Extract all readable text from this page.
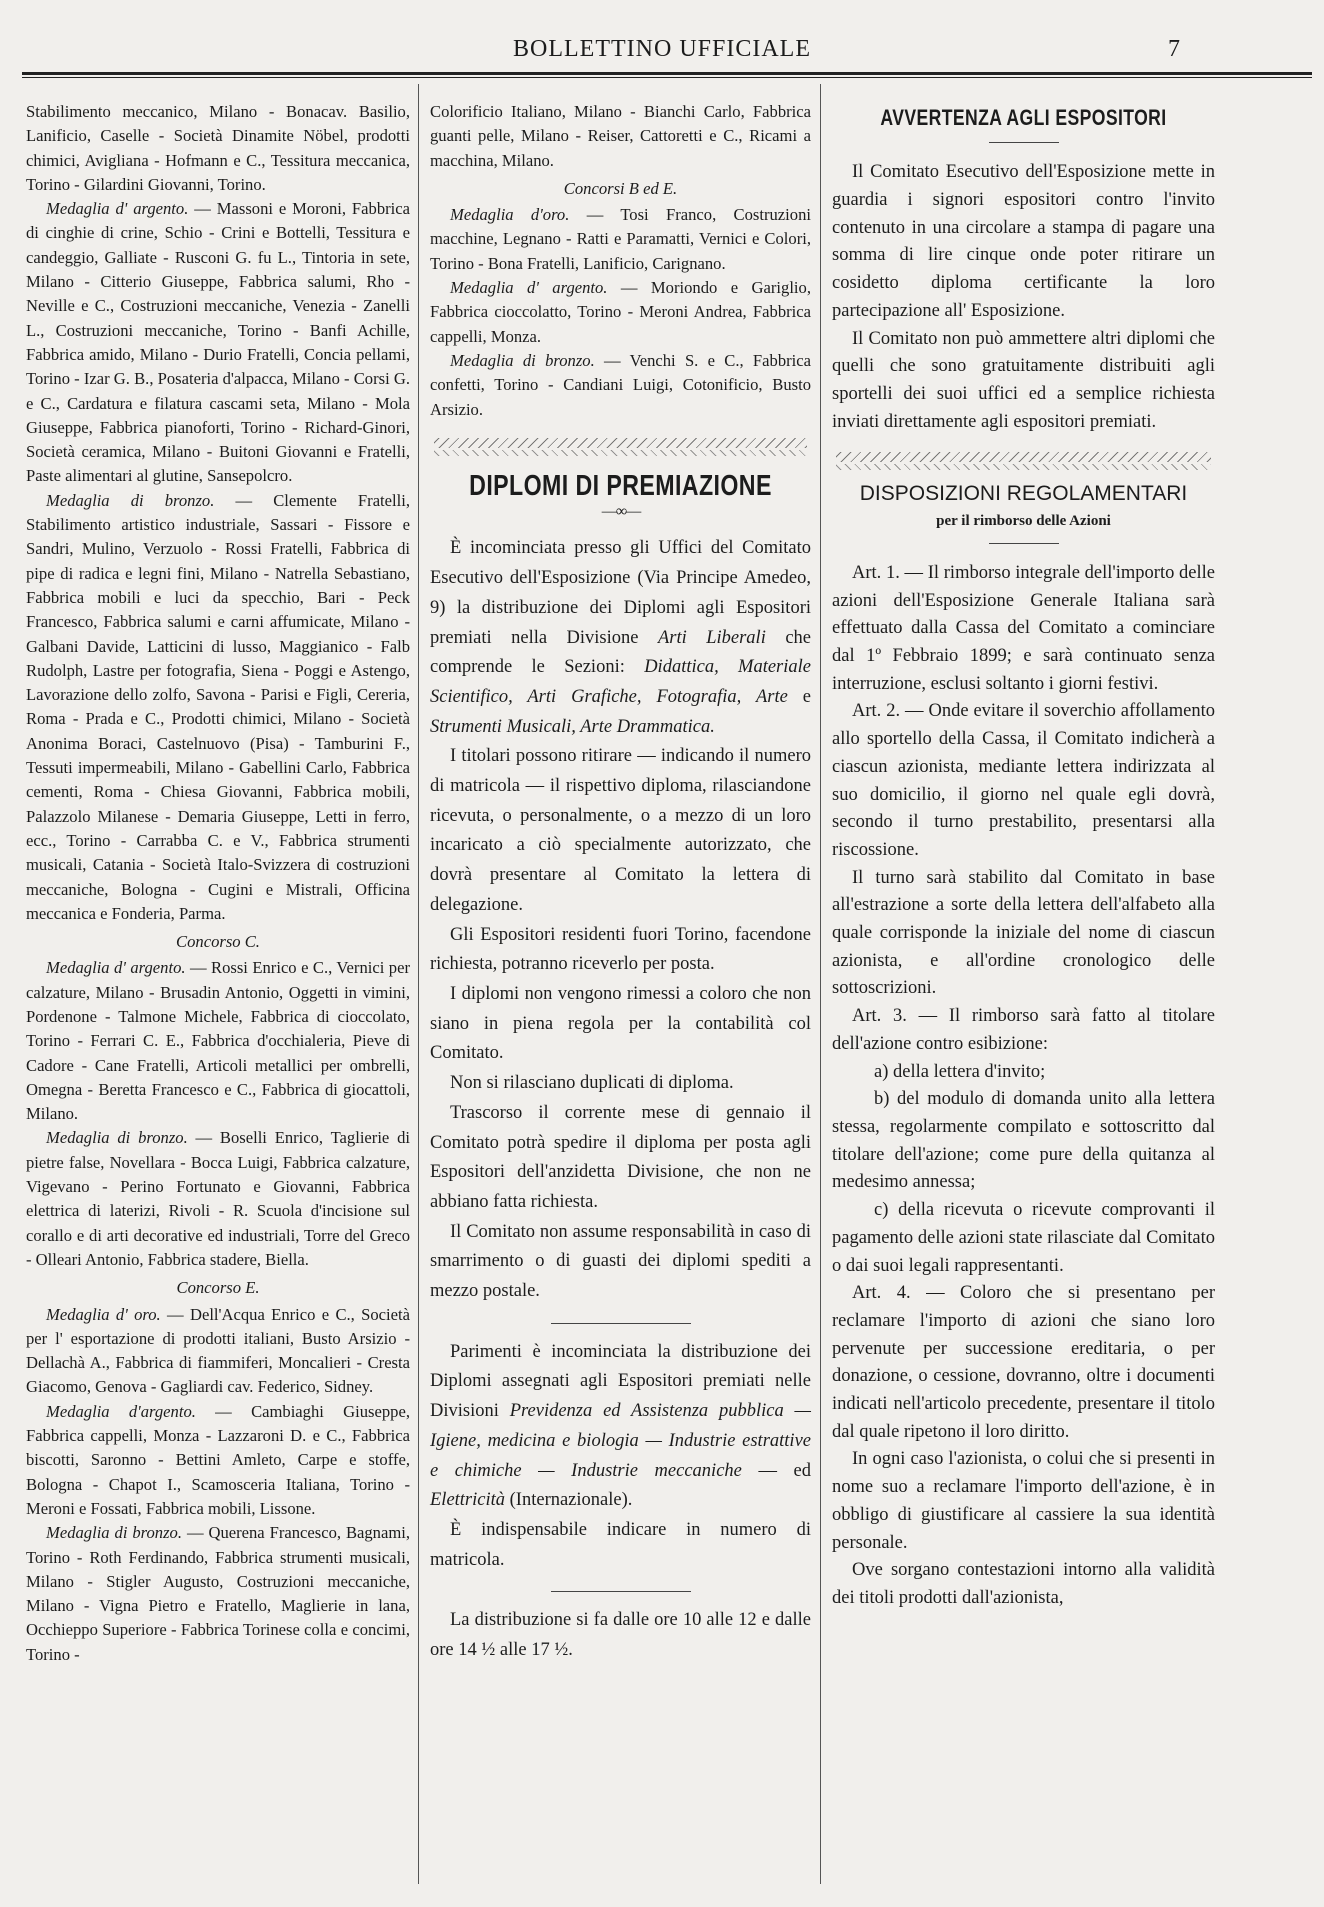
BOLLETTINO UFFICIALE	7

Stabilimento meccanico, Milano - Bonacav. Basilio, Lanificio, Caselle - Società Dinamite Nöbel, prodotti chimici, Avigliana - Hofmann e C., Tessitura meccanica, Torino - Gilardini Giovanni, Torino.

Medaglia d' argento. — Massoni e Moroni, Fabbrica di cinghie di crine, Schio - Crini e Bottelli, Tessitura e candeggio, Galliate - Rusconi G. fu L., Tintoria in sete, Milano - Citterio Giuseppe, Fabbrica salumi, Rho - Neville e C., Costruzioni meccaniche, Venezia - Zanelli L., Costruzioni meccaniche, Torino - Banfi Achille, Fabbrica amido, Milano - Durio Fratelli, Concia pellami, Torino - Izar G. B., Posateria d'alpacca, Milano - Corsi G. e C., Cardatura e filatura cascami seta, Milano - Mola Giuseppe, Fabbrica pianoforti, Torino - Richard-Ginori, Società ceramica, Milano - Buitoni Giovanni e Fratelli, Paste alimentari al glutine, Sansepolcro.

Medaglia di bronzo. — Clemente Fratelli, Stabilimento artistico industriale, Sassari - Fissore e Sandri, Mulino, Verzuolo - Rossi Fratelli, Fabbrica di pipe di radica e legni fini, Milano - Natrella Sebastiano, Fabbrica mobili e luci da specchio, Bari - Peck Francesco, Fabbrica salumi e carni affumicate, Milano - Galbani Davide, Latticini di lusso, Maggianico - Falb Rudolph, Lastre per fotografia, Siena - Poggi e Astengo, Lavorazione dello zolfo, Savona - Parisi e Figli, Cereria, Roma - Prada e C., Prodotti chimici, Milano - Società Anonima Boraci, Castelnuovo (Pisa) - Tamburini F., Tessuti impermeabili, Milano - Gabellini Carlo, Fabbrica cementi, Roma - Chiesa Giovanni, Fabbrica mobili, Palazzolo Milanese - Demaria Giuseppe, Letti in ferro, ecc., Torino - Carrabba C. e V., Fabbrica strumenti musicali, Catania - Società Italo-Svizzera di costruzioni meccaniche, Bologna - Cugini e Mistrali, Officina meccanica e Fonderia, Parma.

Concorso C.

Medaglia d' argento. — Rossi Enrico e C., Vernici per calzature, Milano - Brusadin Antonio, Oggetti in vimini, Pordenone - Talmone Michele, Fabbrica di cioccolato, Torino - Ferrari C. E., Fabbrica d'occhialeria, Pieve di Cadore - Cane Fratelli, Articoli metallici per ombrelli, Omegna - Beretta Francesco e C., Fabbrica di giocattoli, Milano.

Medaglia di bronzo. — Boselli Enrico, Taglierie di pietre false, Novellara - Bocca Luigi, Fabbrica calzature, Vigevano - Perino Fortunato e Giovanni, Fabbrica elettrica di laterizi, Rivoli - R. Scuola d'incisione sul corallo e di arti decorative ed industriali, Torre del Greco - Olleari Antonio, Fabbrica stadere, Biella.

Concorso E.

Medaglia d' oro. — Dell'Acqua Enrico e C., Società per l' esportazione di prodotti italiani, Busto Arsizio - Dellachà A., Fabbrica di fiammiferi, Moncalieri - Cresta Giacomo, Genova - Gagliardi cav. Federico, Sidney.

Medaglia d'argento. — Cambiaghi Giuseppe, Fabbrica cappelli, Monza - Lazzaroni D. e C., Fabbrica biscotti, Saronno - Bettini Amleto, Carpe e stoffe, Bologna - Chapot I., Scamosceria Italiana, Torino - Meroni e Fossati, Fabbrica mobili, Lissone.

Medaglia di bronzo. — Querena Francesco, Bagnami, Torino - Roth Ferdinando, Fabbrica strumenti musicali, Milano - Stigler Augusto, Costruzioni meccaniche, Milano - Vigna Pietro e Fratello, Maglierie in lana, Occhieppo Superiore - Fabbrica Torinese colla e concimi, Torino -

Colorificio Italiano, Milano - Bianchi Carlo, Fabbrica guanti pelle, Milano - Reiser, Cattoretti e C., Ricami a macchina, Milano.

Concorsi B ed E.

Medaglia d'oro. — Tosi Franco, Costruzioni macchine, Legnano - Ratti e Paramatti, Vernici e Colori, Torino - Bona Fratelli, Lanificio, Carignano.

Medaglia d' argento. — Moriondo e Gariglio, Fabbrica cioccolatto, Torino - Meroni Andrea, Fabbrica cappelli, Monza.

Medaglia di bronzo. — Venchi S. e C., Fabbrica confetti, Torino - Candiani Luigi, Cotonificio, Busto Arsizio.

DIPLOMI DI PREMIAZIONE
—∞—

È incominciata presso gli Uffici del Comitato Esecutivo dell'Esposizione (Via Principe Amedeo, 9) la distribuzione dei Diplomi agli Espositori premiati nella Divisione Arti Liberali che comprende le Sezioni: Didattica, Materiale Scientifico, Arti Grafiche, Fotografia, Arte e Strumenti Musicali, Arte Drammatica.

I titolari possono ritirare — indicando il numero di matricola — il rispettivo diploma, rilasciandone ricevuta, o personalmente, o a mezzo di un loro incaricato a ciò specialmente autorizzato, che dovrà presentare al Comitato la lettera di delegazione.

Gli Espositori residenti fuori Torino, facendone richiesta, potranno riceverlo per posta.

I diplomi non vengono rimessi a coloro che non siano in piena regola per la contabilità col Comitato.

Non si rilasciano duplicati di diploma.

Trascorso il corrente mese di gennaio il Comitato potrà spedire il diploma per posta agli Espositori dell'anzidetta Divisione, che non ne abbiano fatta richiesta.

Il Comitato non assume responsabilità in caso di smarrimento o di guasti dei diplomi spediti a mezzo postale.

Parimenti è incominciata la distribuzione dei Diplomi assegnati agli Espositori premiati nelle Divisioni Previdenza ed Assistenza pubblica — Igiene, medicina e biologia — Industrie estrattive e chimiche — Industrie meccaniche — ed Elettricità (Internazionale).

È indispensabile indicare in numero di matricola.

La distribuzione si fa dalle ore 10 alle 12 e dalle ore 14 ½ alle 17 ½.

AVVERTENZA AGLI ESPOSITORI

Il Comitato Esecutivo dell'Esposizione mette in guardia i signori espositori contro l'invito contenuto in una circolare a stampa di pagare una somma di lire cinque onde poter ritirare un cosidetto diploma certificante la loro partecipazione all' Esposizione.

Il Comitato non può ammettere altri diplomi che quelli che sono gratuitamente distribuiti agli sportelli dei suoi uffici ed a semplice richiesta inviati direttamente agli espositori premiati.

DISPOSIZIONI REGOLAMENTARI
per il rimborso delle Azioni

Art. 1. — Il rimborso integrale dell'importo delle azioni dell'Esposizione Generale Italiana sarà effettuato dalla Cassa del Comitato a cominciare dal 1º Febbraio 1899; e sarà continuato senza interruzione, esclusi soltanto i giorni festivi.

Art. 2. — Onde evitare il soverchio affollamento allo sportello della Cassa, il Comitato indicherà a ciascun azionista, mediante lettera indirizzata al suo domicilio, il giorno nel quale egli dovrà, secondo il turno prestabilito, presentarsi alla riscossione.

Il turno sarà stabilito dal Comitato in base all'estrazione a sorte della lettera dell'alfabeto alla quale corrisponde la iniziale del nome di ciascun azionista, e all'ordine cronologico delle sottoscrizioni.

Art. 3. — Il rimborso sarà fatto al titolare dell'azione contro esibizione:

a) della lettera d'invito;

b) del modulo di domanda unito alla lettera stessa, regolarmente compilato e sottoscritto dal titolare dell'azione; come pure della quitanza al medesimo annessa;

c) della ricevuta o ricevute comprovanti il pagamento delle azioni state rilasciate dal Comitato o dai suoi legali rappresentanti.

Art. 4. — Coloro che si presentano per reclamare l'importo di azioni che siano loro pervenute per successione ereditaria, o per donazione, o cessione, dovranno, oltre i documenti indicati nell'articolo precedente, presentare il titolo dal quale ripetono il loro diritto.

In ogni caso l'azionista, o colui che si presenti in nome suo a reclamare l'importo dell'azione, è in obbligo di giustificare al cassiere la sua identità personale.

Ove sorgano contestazioni intorno alla validità dei titoli prodotti dall'azionista,
